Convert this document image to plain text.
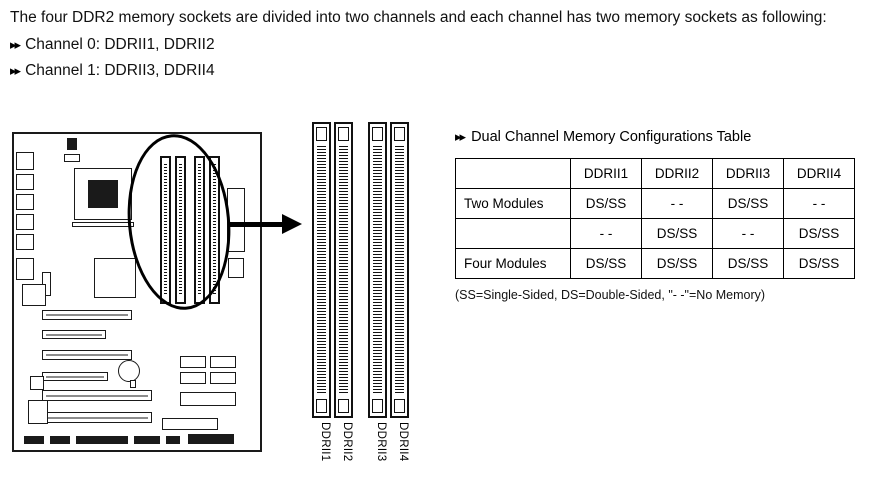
The four DDR2 memory sockets are divided into two channels and each channel has two memory sockets as following:

▸▸ Channel 0: DDRII1, DDRII2
▸▸ Channel 1: DDRII3, DDRII4
DDRII1 DDRII2	DDRII3 DDRII4
▸▸ Dual Channel Memory Configurations Table
	DDRII1	DDRII2	DDRII3	DDRII4
Two Modules	DS/SS	- -	DS/SS	- -
	- -	DS/SS	- -	DS/SS
Four Modules	DS/SS	DS/SS	DS/SS	DS/SS
(SS=Single-Sided, DS=Double-Sided, "- -"=No Memory)
